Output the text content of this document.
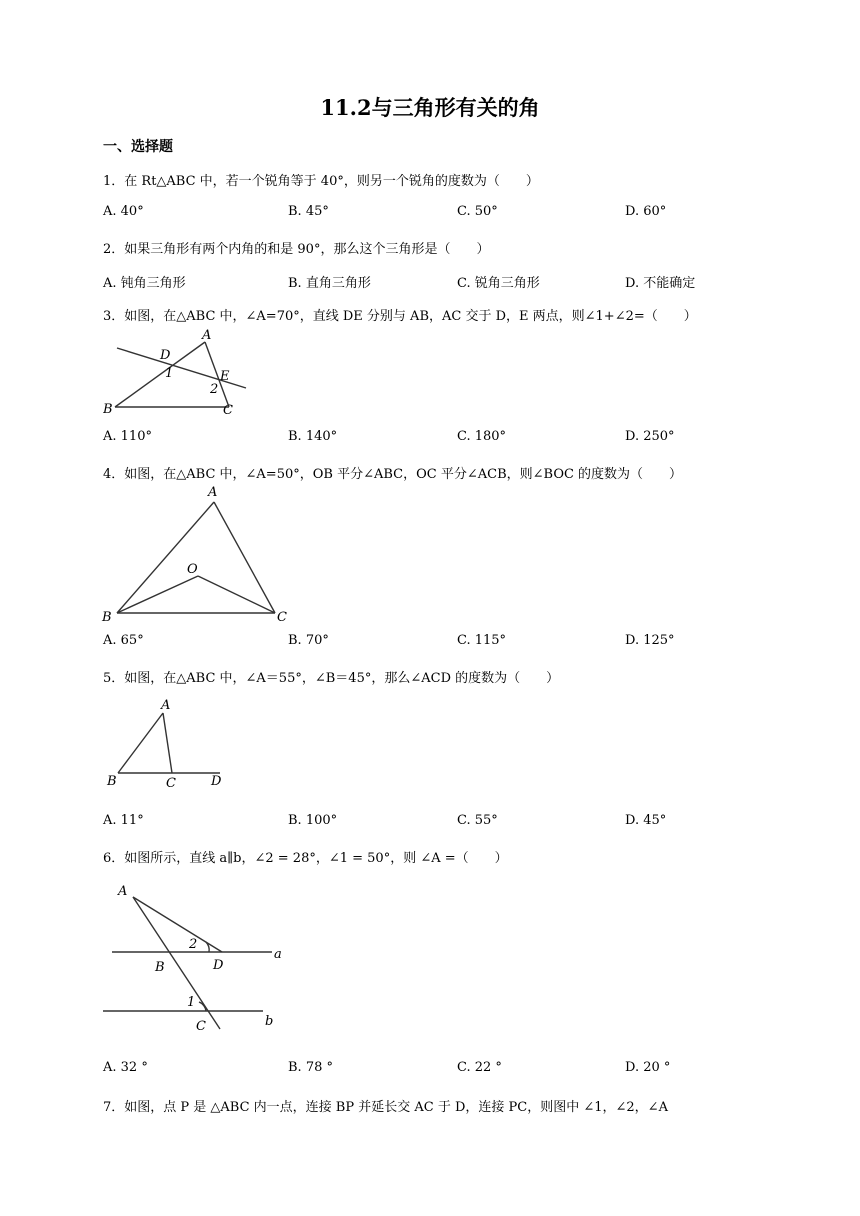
11.2与三角形有关的角
一、选择题
1．在 Rt△ABC 中，若一个锐角等于 40°，则另一个锐角的度数为（　　）
A. 40°	B. 45°	C. 50°	D. 60°
2．如果三角形有两个内角的和是 90°，那么这个三角形是（　　）
A. 钝角三角形	B. 直角三角形	C. 锐角三角形	D. 不能确定
3．如图，在△ABC 中，∠A=70°，直线 DE 分别与 AB，AC 交于 D，E 两点，则∠1+∠2=（　　）
A
D
1	E
2
B	C
A. 110°	B. 140°	C. 180°	D. 250°
4．如图，在△ABC 中，∠A=50°，OB 平分∠ABC，OC 平分∠ACB，则∠BOC 的度数为（　　）
A
O
B	C
A. 65°	B. 70°	C. 115°	D. 125°
5．如图，在△ABC 中，∠A＝55°，∠B＝45°，那么∠ACD 的度数为（　　）
A
B	C	D
A. 11°	B. 100°	C. 55°	D. 45°
6．如图所示，直线 a∥b，∠2 = 28°，∠1 = 50°，则 ∠A =（　　）
A
2
a
B	D
1
b
C
A. 32 °	B. 78 °	C. 22 °	D. 20 °
7．如图，点 P 是 △ABC 内一点，连接 BP 并延长交 AC 于 D，连接 PC，则图中 ∠1，∠2，∠A
